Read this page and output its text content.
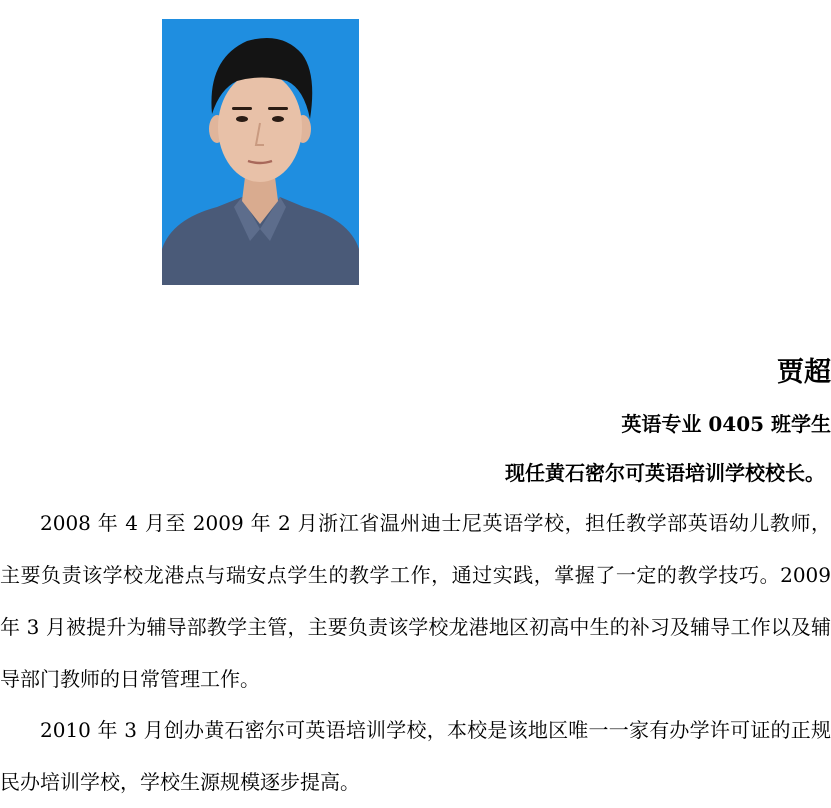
贾超
英语专业 0405 班学生
现任黄石密尔可英语培训学校校长。

2008 年 4 月至 2009 年 2 月浙江省温州迪士尼英语学校，担任教学部英语幼儿教师，主要负责该学校龙港点与瑞安点学生的教学工作，通过实践，掌握了一定的教学技巧。2009 年 3 月被提升为辅导部教学主管，主要负责该学校龙港地区初高中生的补习及辅导工作以及辅导部门教师的日常管理工作。

2010 年 3 月创办黄石密尔可英语培训学校，本校是该地区唯一一家有办学许可证的正规民办培训学校，学校生源规模逐步提高。
